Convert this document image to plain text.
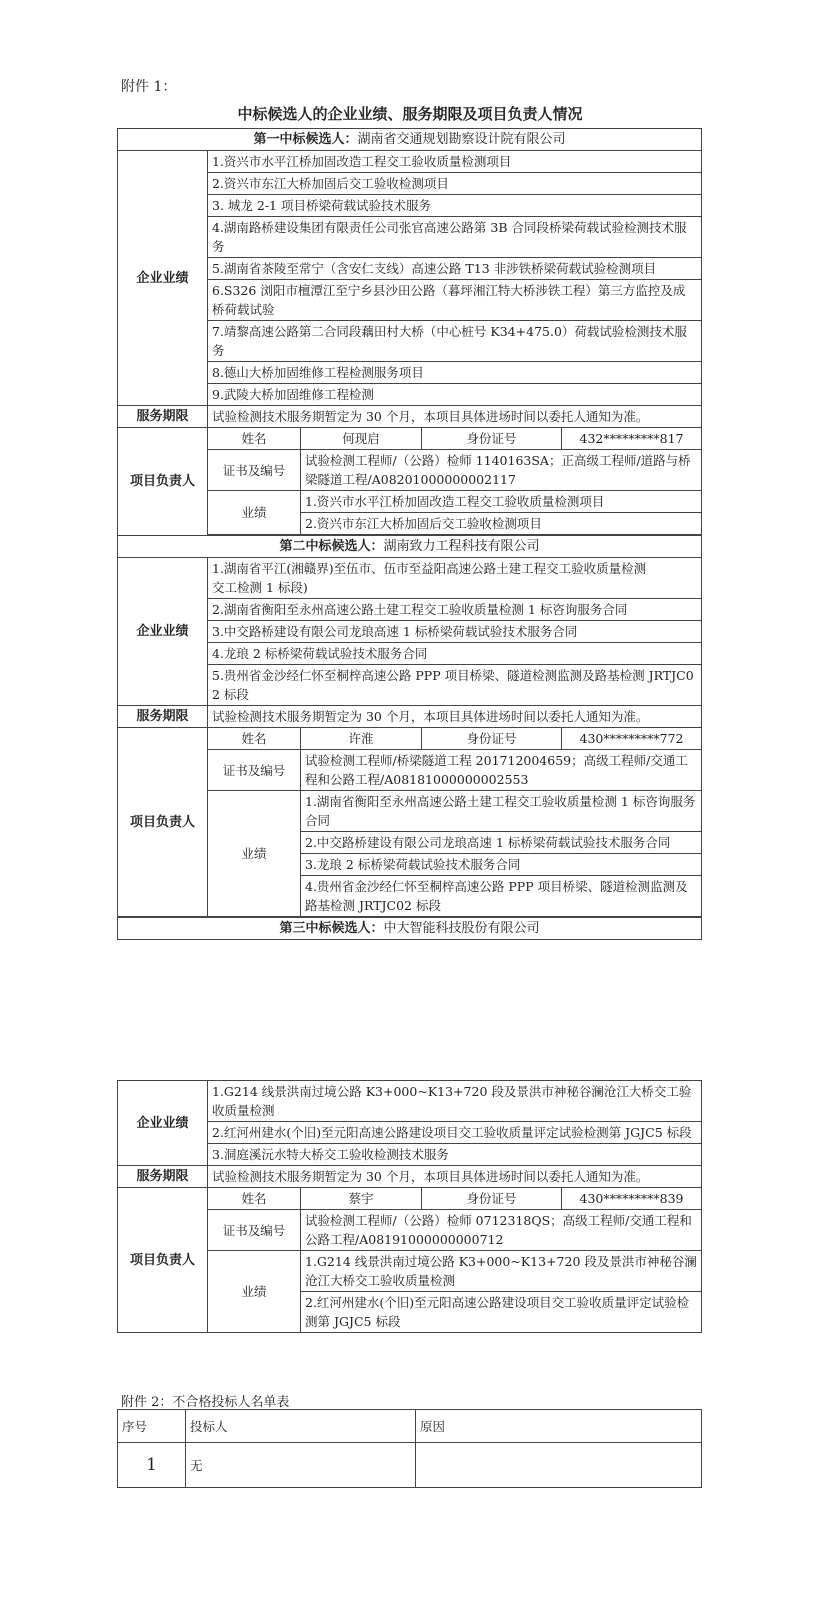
附件 1：
中标候选人的企业业绩、服务期限及项目负责人情况
第一中标候选人：湖南省交通规划勘察设计院有限公司				
企业业绩	1.资兴市水平江桥加固改造工程交工验收质量检测项目			
	2.资兴市东江大桥加固后交工验收检测项目			
	3. 城龙 2-1 项目桥梁荷载试验技术服务			
	4.湖南路桥建设集团有限责任公司张官高速公路第 3B 合同段桥梁荷载试验检测技术服务			
	5.湖南省茶陵至常宁（含安仁支线）高速公路 T13 非涉铁桥梁荷载试验检测项目			
	6.S326 浏阳市檀潭江至宁乡县沙田公路（暮坪湘江特大桥涉铁工程）第三方监控及成桥荷载试验			
	7.靖黎高速公路第二合同段藕田村大桥（中心桩号 K34+475.0）荷载试验检测技术服务			
	8.德山大桥加固维修工程检测服务项目			
	9.武陵大桥加固维修工程检测			
服务期限	试验检测技术服务期暂定为 30 个月，本项目具体进场时间以委托人通知为准。			
项目负责人	姓名	何现启	身份证号	432*********817
	证书及编号	试验检测工程师/（公路）检师 1140163SA；正高级工程师/道路与桥梁隧道工程/A08201000000002117		
	业绩	1.资兴市水平江桥加固改造工程交工验收质量检测项目		
		2.资兴市东江大桥加固后交工验收检测项目		

第二中标候选人：湖南致力工程科技有限公司				
企业业绩	1.湖南省平江(湘赣界)至伍市、伍市至益阳高速公路土建工程交工验收质量检测
交工检测 1 标段)			
	2.湖南省衡阳至永州高速公路土建工程交工验收质量检测 1 标咨询服务合同			
	3.中交路桥建设有限公司龙琅高速 1 标桥梁荷载试验技术服务合同			
	4.龙琅 2 标桥梁荷载试验技术服务合同			
	5.贵州省金沙经仁怀至桐梓高速公路 PPP 项目桥梁、隧道检测监测及路基检测 JRTJC02 标段			
服务期限	试验检测技术服务期暂定为 30 个月，本项目具体进场时间以委托人通知为准。			
项目负责人	姓名	许淮	身份证号	430*********772
	证书及编号	试验检测工程师/桥梁隧道工程 201712004659；高级工程师/交通工程和公路工程/A08181000000002553		
	业绩	1.湖南省衡阳至永州高速公路土建工程交工验收质量检测 1 标咨询服务合同		
		2.中交路桥建设有限公司龙琅高速 1 标桥梁荷载试验技术服务合同		
		3.龙琅 2 标桥梁荷载试验技术服务合同		
		4.贵州省金沙经仁怀至桐梓高速公路 PPP 项目桥梁、隧道检测监测及路基检测 JRTJC02 标段		

第三中标候选人：中大智能科技股份有限公司				
企业业绩	1.G214 线景洪南过境公路 K3+000~K13+720 段及景洪市神秘谷澜沧江大桥交工验收质量检测			
	2.红河州建水(个旧)至元阳高速公路建设项目交工验收质量评定试验检测第 JGJC5 标段			
	3.洞庭溪沅水特大桥交工验收检测技术服务			
服务期限	试验检测技术服务期暂定为 30 个月，本项目具体进场时间以委托人通知为准。			
项目负责人	姓名	蔡宇	身份证号	430*********839
	证书及编号	试验检测工程师/（公路）检师 0712318QS；高级工程师/交通工程和公路工程/A08191000000000712		
	业绩	1.G214 线景洪南过境公路 K3+000~K13+720 段及景洪市神秘谷澜沧江大桥交工验收质量检测		
		2.红河州建水(个旧)至元阳高速公路建设项目交工验收质量评定试验检测第 JGJC5 标段		
附件 2：不合格投标人名单表
序号	投标人	原因
1	无	
